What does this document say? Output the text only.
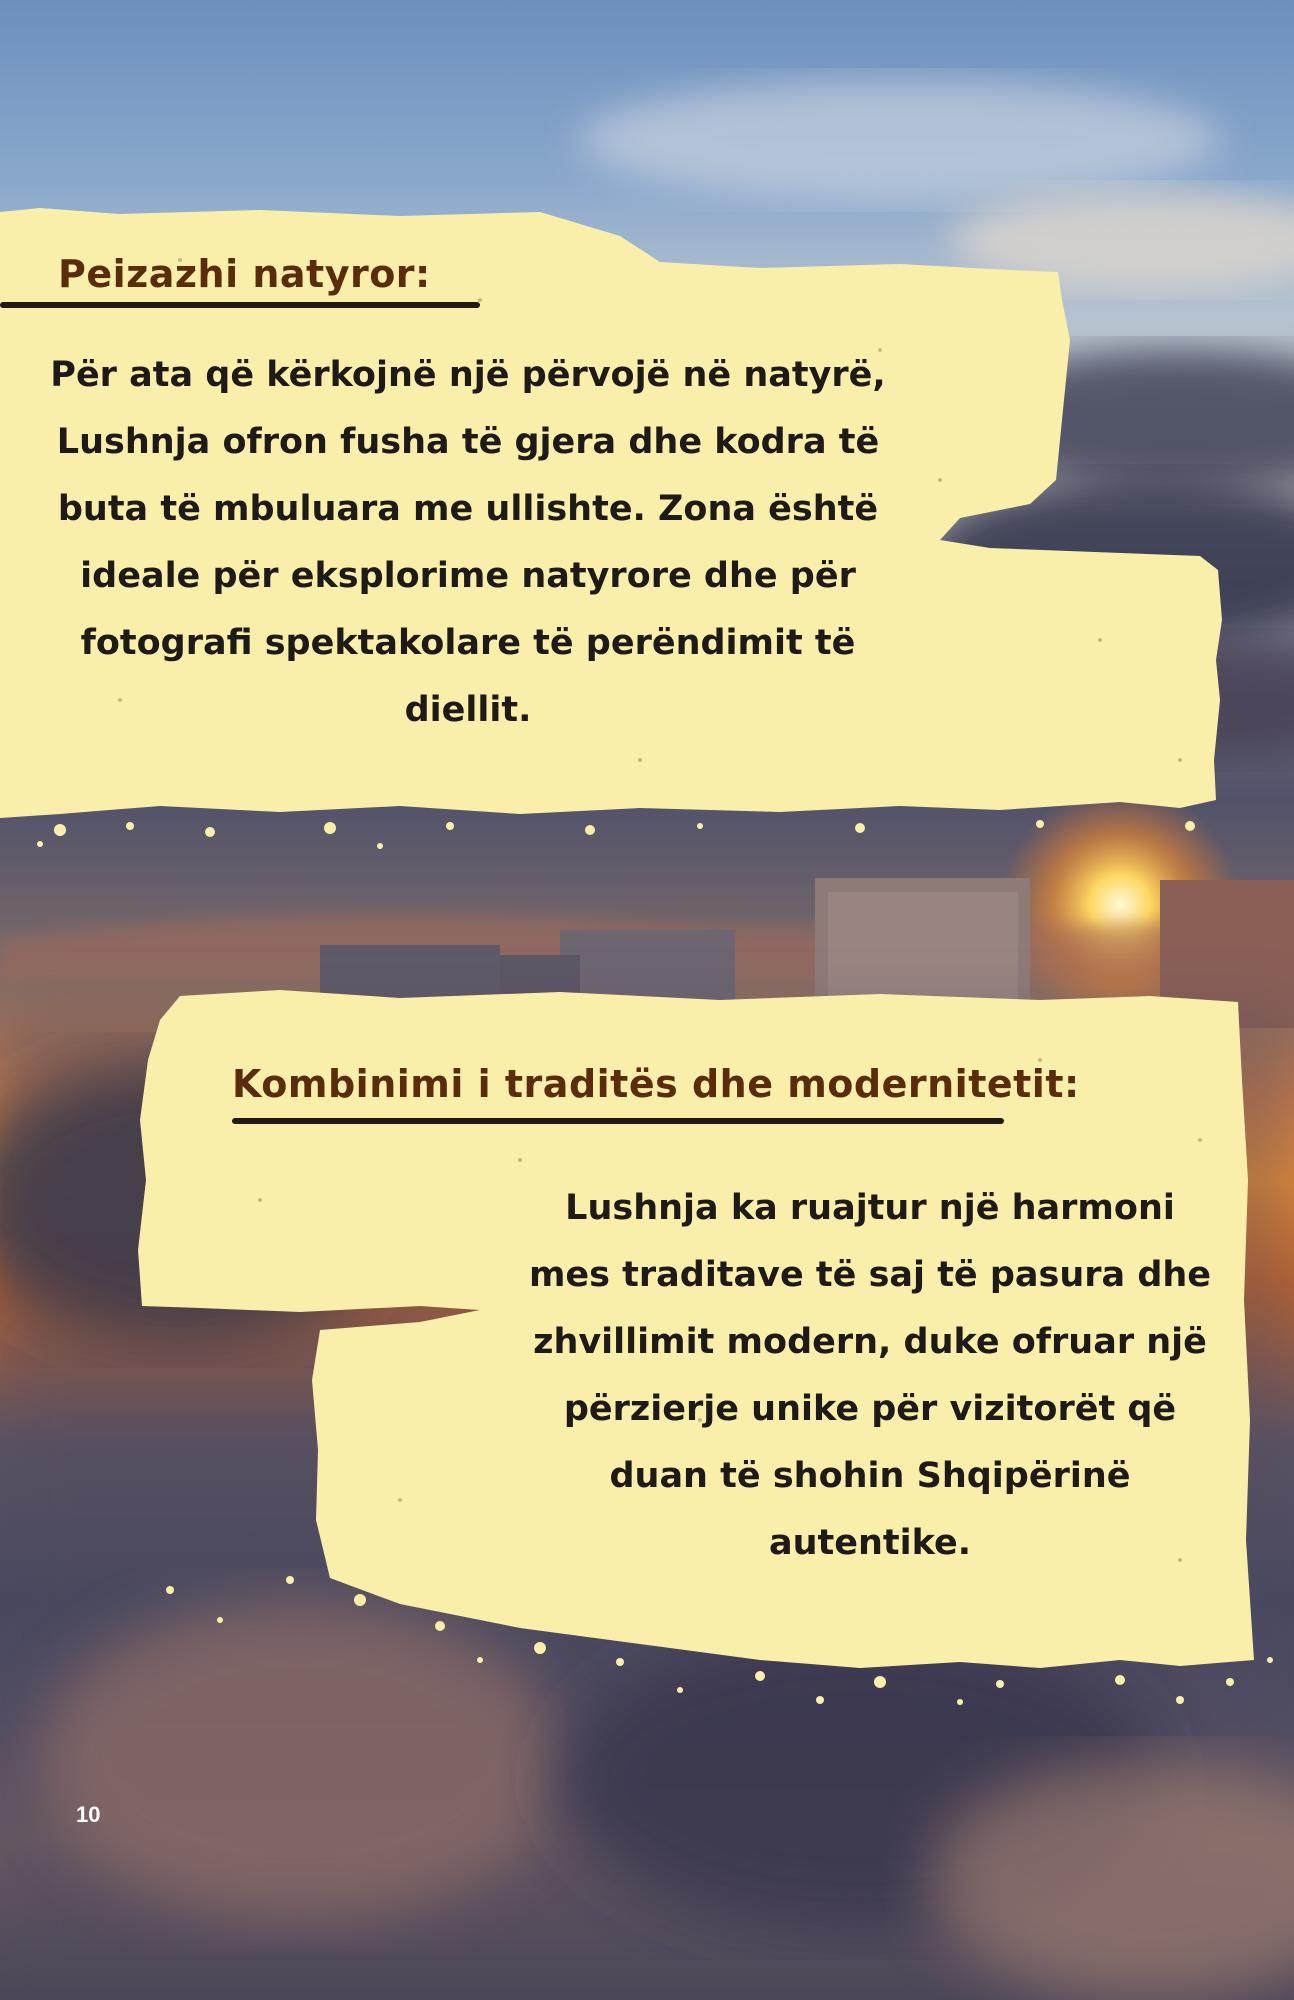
Peizazhi natyror:

Për ata që kërkojnë një përvojë në natyrë, Lushnja ofron fusha të gjera dhe kodra të buta të mbuluara me ullishte. Zona është ideale për eksplorime natyrore dhe për fotografi spektakolare të perëndimit të diellit.

Kombinimi i traditës dhe modernitetit:

Lushnja ka ruajtur një harmoni mes traditave të saj të pasura dhe zhvillimit modern, duke ofruar një përzierje unike për vizitorët që duan të shohin Shqipërinë autentike.

10
